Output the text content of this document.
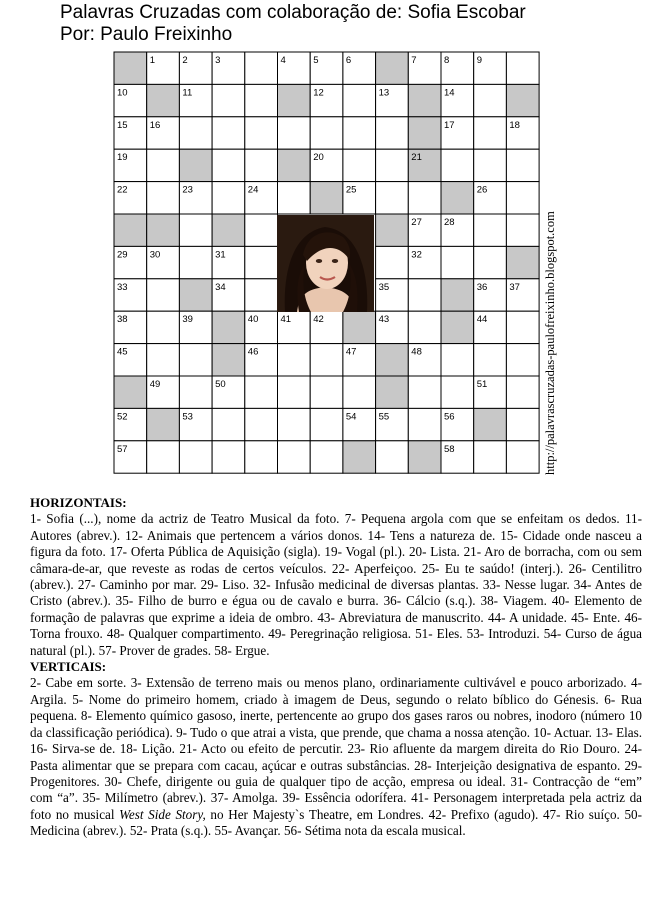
Palavras Cruzadas com colaboração de: Sofia Escobar
Por: Paulo Freixinho
1	2	3	4	5	6	7	8	9
10	11	12	13	14
15 16	17	18
19	20	21
22	23	24	25	26
27 28
29 30	31	32
33	34	35	36 37
38	39	40 41 42	43	44
45	46	47	48
49	50	51
52	53	54 55	56
57	58	http://palavrascruzadas-paulofreixinho.blogspot.com
HORIZONTAIS:

1- Sofia (...), nome da actriz de Teatro Musical da foto. 7- Pequena argola com que se enfeitam os dedos. 11- Autores (abrev.). 12- Animais que pertencem a vários donos. 14- Tens a natureza de. 15- Cidade onde nasceu a figura da foto. 17- Oferta Pública de Aquisição (sigla). 19- Vogal (pl.). 20- Lista. 21- Aro de borracha, com ou sem câmara-de-ar, que reveste as rodas de certos veículos. 22- Aperfeiçoo. 25- Eu te saúdo! (interj.). 26- Centilitro (abrev.). 27- Caminho por mar. 29- Liso. 32- Infusão medicinal de diversas plantas. 33- Nesse lugar. 34- Antes de Cristo (abrev.). 35- Filho de burro e égua ou de cavalo e burra. 36- Cálcio (s.q.). 38- Viagem. 40- Elemento de formação de palavras que exprime a ideia de ombro. 43- Abreviatura de manuscrito. 44- A unidade. 45- Ente. 46- Torna frouxo. 48- Qualquer compartimento. 49- Peregrinação religiosa. 51- Eles. 53- Introduzi. 54- Curso de água natural (pl.). 57- Prover de grades. 58- Ergue.

VERTICAIS:

2- Cabe em sorte. 3- Extensão de terreno mais ou menos plano, ordinariamente cultivável e pouco arborizado. 4- Argila. 5- Nome do primeiro homem, criado à imagem de Deus, segundo o relato bíblico do Génesis. 6- Rua pequena. 8- Elemento químico gasoso, inerte, pertencente ao grupo dos gases raros ou nobres, inodoro (número 10 da classificação periódica). 9- Tudo o que atrai a vista, que prende, que chama a nossa atenção. 10- Actuar. 13- Elas. 16- Sirva-se de. 18- Lição. 21- Acto ou efeito de percutir. 23- Rio afluente da margem direita do Rio Douro. 24- Pasta alimentar que se prepara com cacau, açúcar e outras substâncias. 28- Interjeição designativa de espanto. 29- Progenitores. 30- Chefe, dirigente ou guia de qualquer tipo de acção, empresa ou ideal. 31- Contracção de “em” com “a”. 35- Milímetro (abrev.). 37- Amolga. 39- Essência odorífera. 41- Personagem interpretada pela actriz da foto no musical West Side Story, no Her Majesty`s Theatre, em Londres. 42- Prefixo (agudo). 47- Rio suíço. 50- Medicina (abrev.). 52- Prata (s.q.). 55- Avançar. 56- Sétima nota da escala musical.
